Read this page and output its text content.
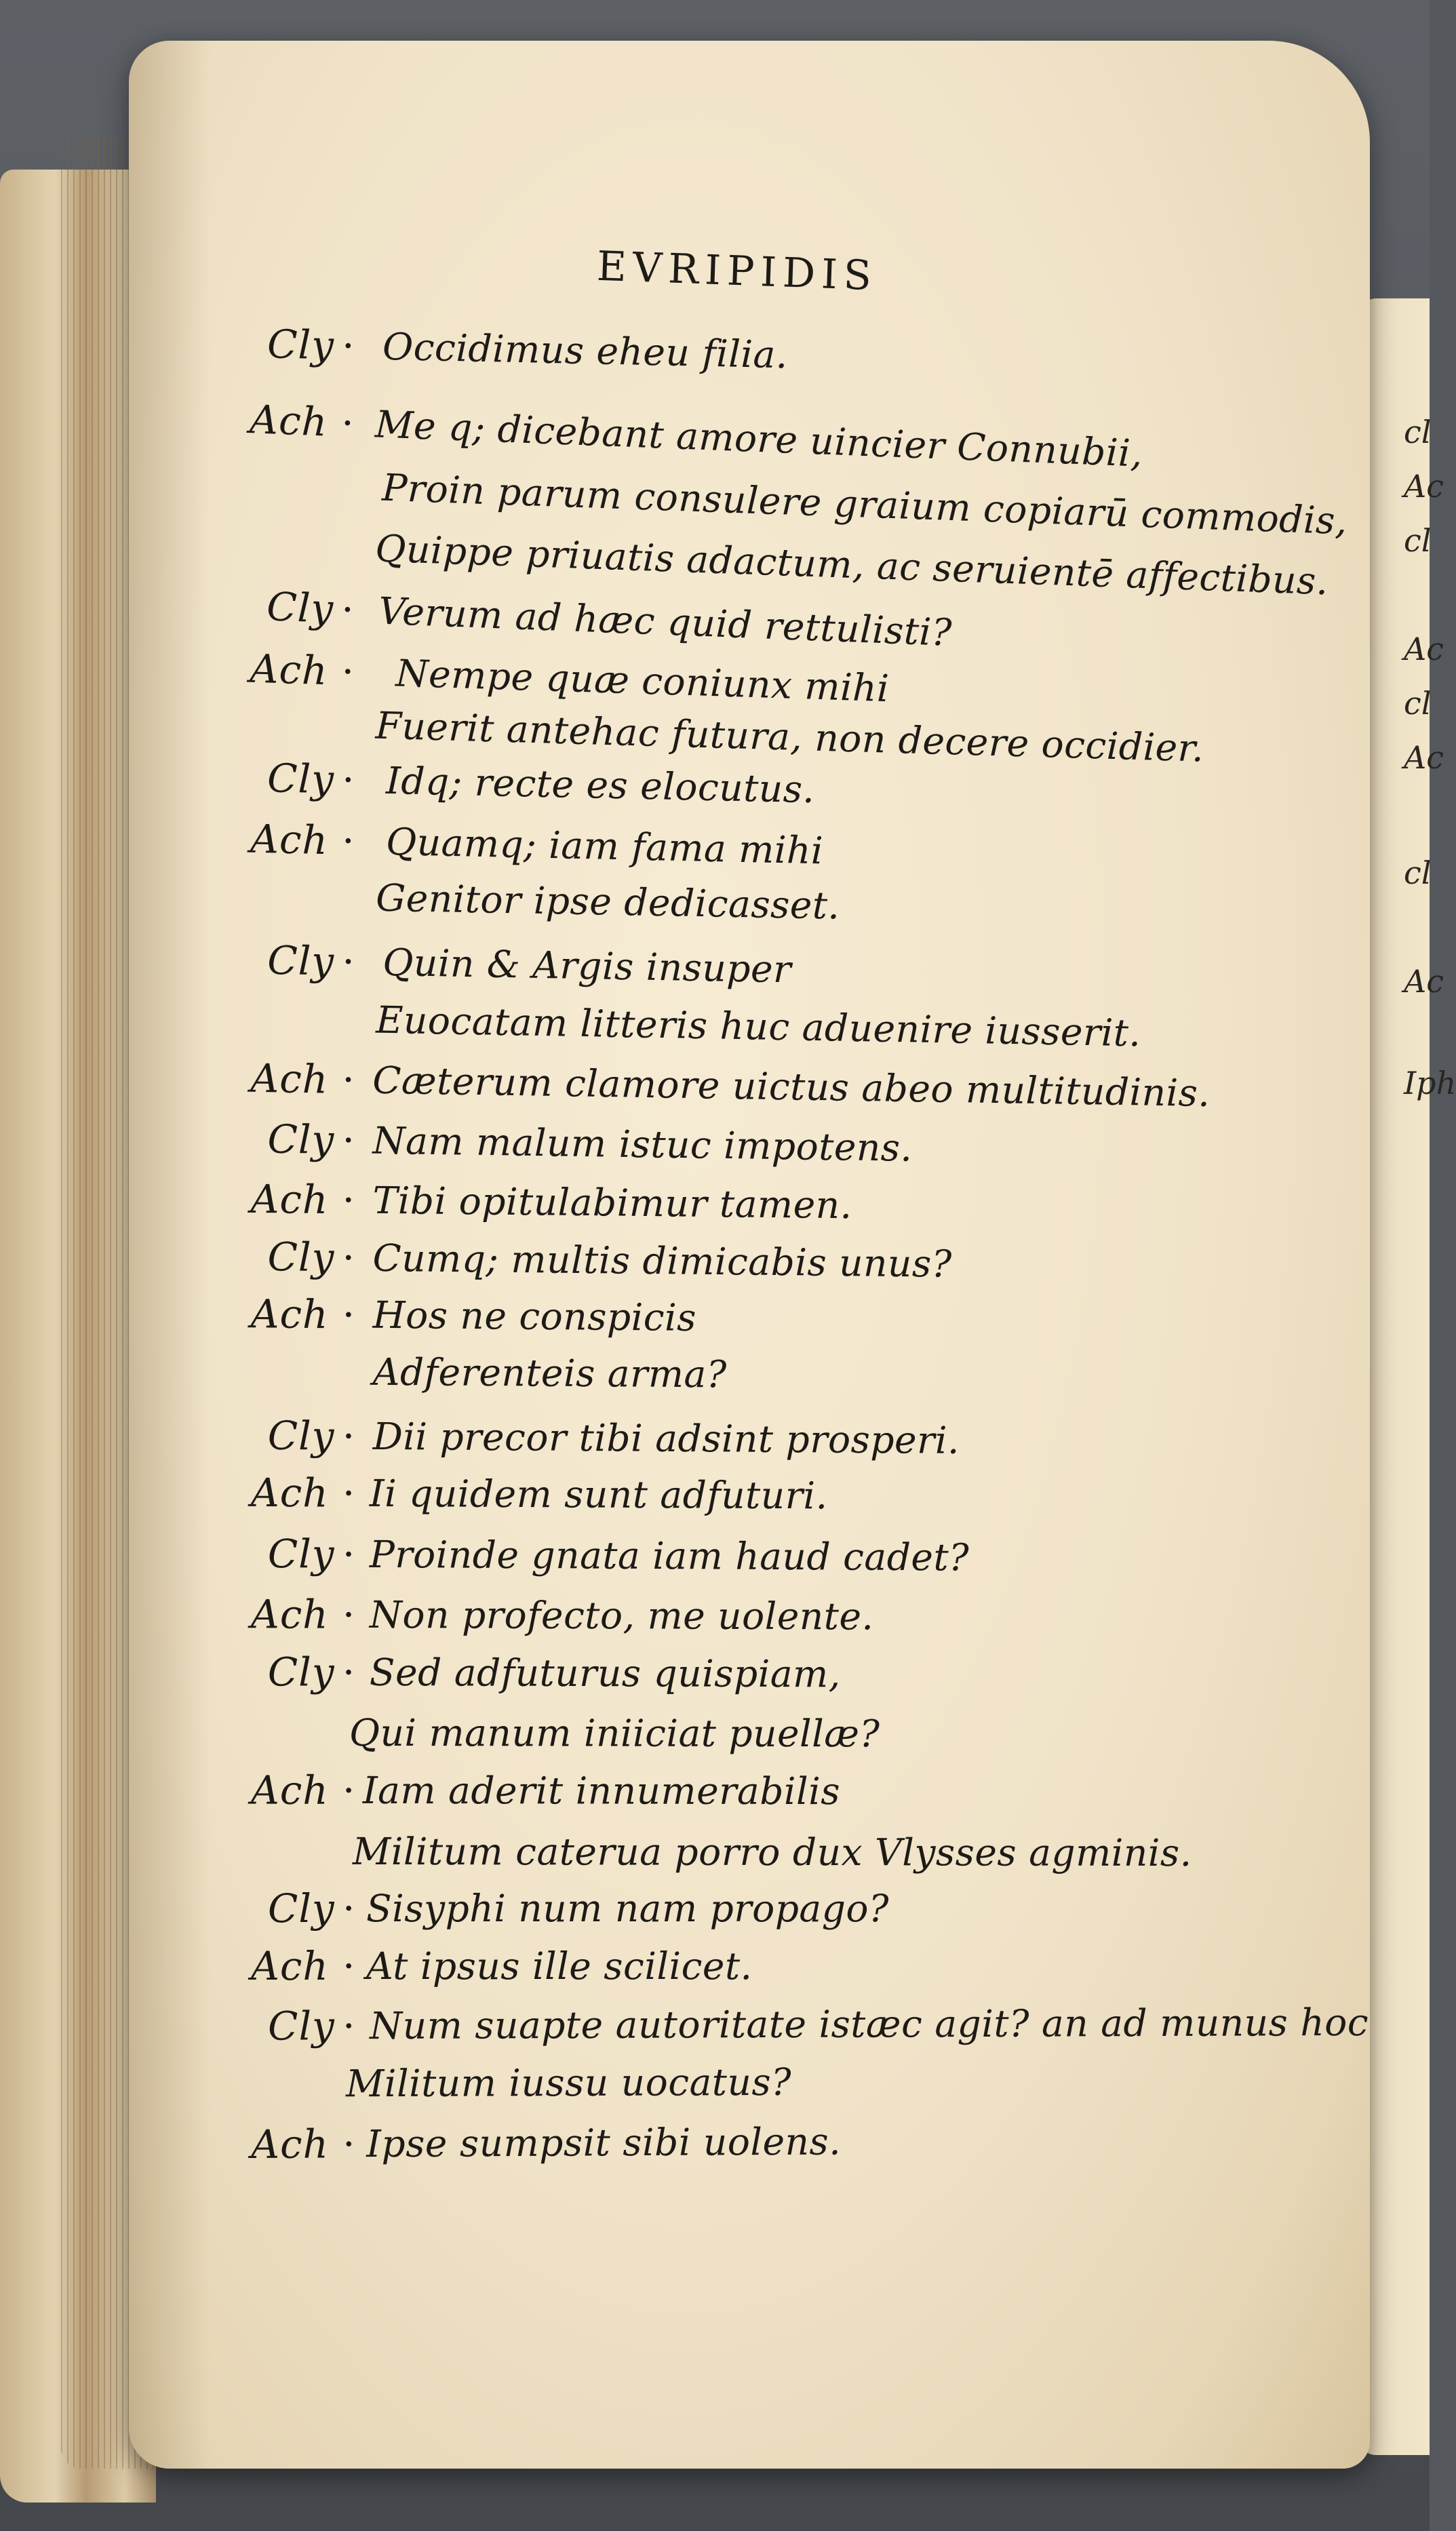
cl
Ac
cl
Ac
cl
Ac
cl
Ac
Iph
EVRIPIDIS
Cly · Occidimus eheu filia.
Ach · Me q; dicebant amore uincier Connubii,
Proin parum consulere graium copiarū commodis,
Quippe priuatis adactum, ac seruientē affectibus.
Cly · Verum ad hæc quid rettulisti?
Ach · Nempe quæ coniunx mihi
Fuerit antehac futura, non decere occidier.
Cly · Idq; recte es elocutus.
Ach · Quamq; iam fama mihi
Genitor ipse dedicasset.
Cly · Quin & Argis insuper
Euocatam litteris huc aduenire iusserit.
Ach · Cæterum clamore uictus abeo multitudinis.
Cly · Nam malum istuc impotens.
Ach · Tibi opitulabimur tamen.
Cly · Cumq; multis dimicabis unus?
Ach · Hos ne conspicis
Adferenteis arma?
Cly · Dii precor tibi adsint prosperi.
Ach · Ii quidem sunt adfuturi.
Cly · Proinde gnata iam haud cadet?
Ach · Non profecto, me uolente.
Cly · Sed adfuturus quispiam,
Qui manum iniiciat puellæ?
Ach · Iam aderit innumerabilis
Militum caterua porro dux Vlysses agminis.
Cly · Sisyphi num nam propago?
Ach · At ipsus ille scilicet.
Cly · Num suapte autoritate istæc agit? an ad munus hoc
Militum iussu uocatus?
Ach · Ipse sumpsit sibi uolens.
